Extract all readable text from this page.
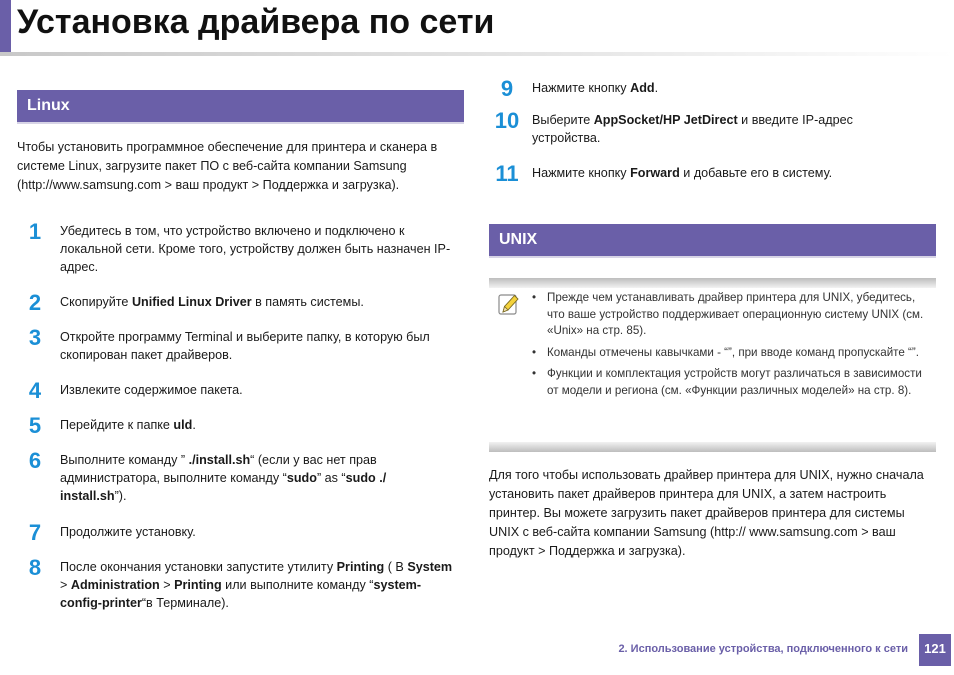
Установка драйвера по сети
Linux

Чтобы установить программное обеспечение для принтера и сканера в системе Linux, загрузите пакет ПО с веб-сайта компании Samsung (http://www.samsung.com > ваш продукт > Поддержка и загрузка).

1	Убедитесь в том, что устройство включено и подключено к локальной сети. Кроме того, устройству должен быть назначен IP-адрес.
2	Скопируйте Unified Linux Driver в память системы.
3	Откройте программу Terminal и выберите папку, в которую был скопирован пакет драйверов.
4	Извлеките содержимое пакета.
5	Перейдите к папке uld.
6	Выполните команду ” ./install.sh“ (если у вас нет прав администратора, выполните команду “sudo” as “sudo ./ install.sh”).
7	Продолжите установку.
8	После окончания установки запустите утилиту Printing ( В System > Administration > Printing или выполните команду “system-config-printer“в Терминале).
9	Нажмите кнопку Add.
10	Выберите AppSocket/HP JetDirect и введите IP-адрес устройства.
11	Нажмите кнопку Forward и добавьте его в систему.
UNIX
• Прежде чем устанавливать драйвер принтера для UNIX, убедитесь, что ваше устройство поддерживает операционную систему UNIX (см. «Unix» на стр. 85).
• Команды отмечены кавычками - “”, при вводе команд пропускайте “”.
• Функции и комплектация устройств могут различаться в зависимости от модели и региона (см. «Функции различных моделей» на стр. 8).

Для того чтобы использовать драйвер принтера для UNIX, нужно сначала установить пакет драйверов принтера для UNIX, а затем настроить принтер. Вы можете загрузить пакет драйверов принтера для системы UNIX с веб-сайта компании Samsung (http:// www.samsung.com > ваш продукт > Поддержка и загрузка).

2. Использование устройства, подключенного к сети	121
